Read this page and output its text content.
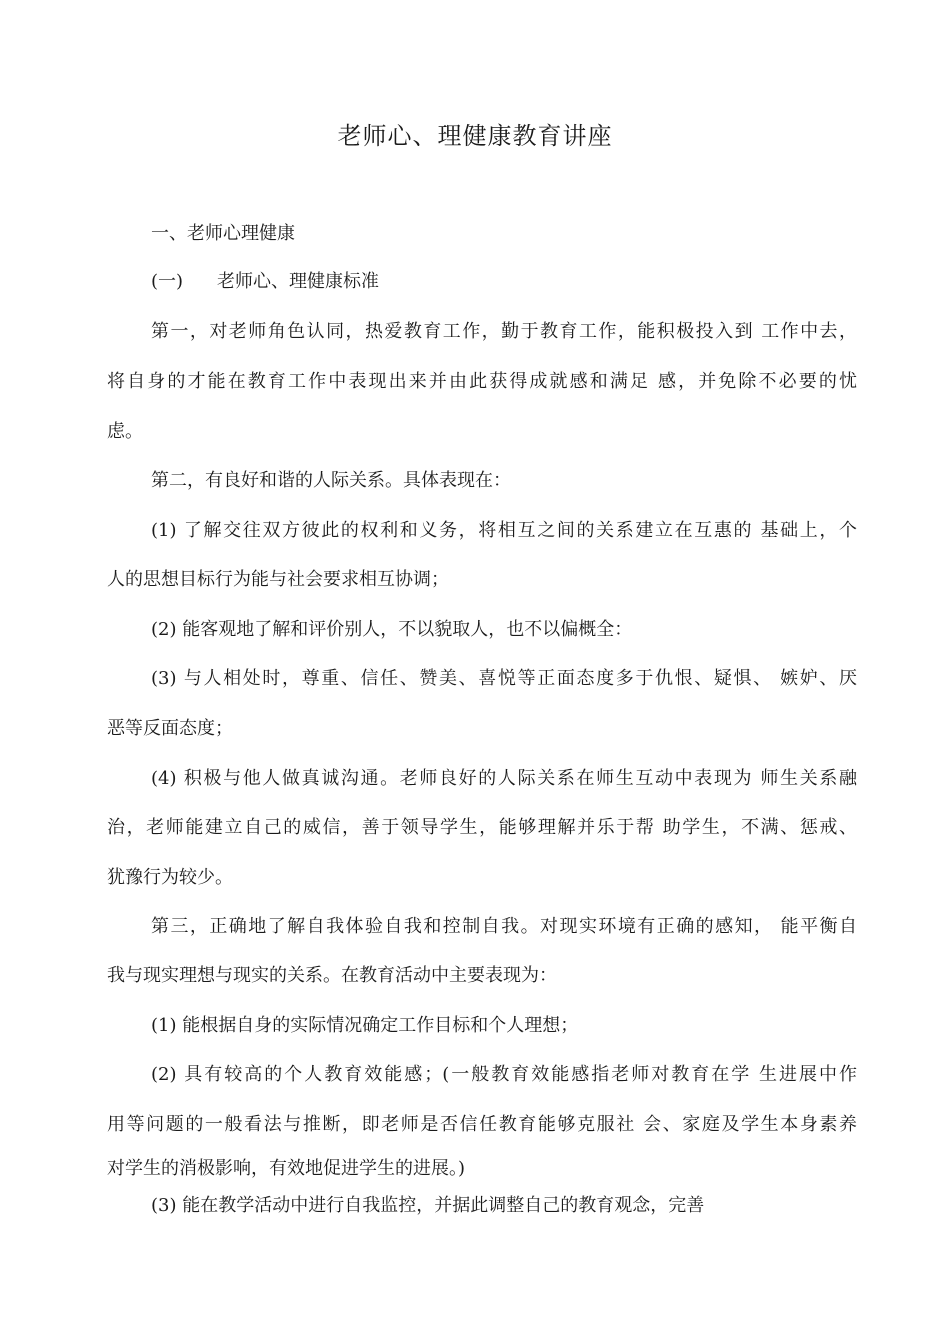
老师心、理健康教育讲座

一、老师心理健康

(一) 老师心、理健康标准

第一，对老师角色认同，热爱教育工作，勤于教育工作，能积极投入到 工作中去，

将自身的才能在教育工作中表现出来并由此获得成就感和满足 感，并免除不必要的忧

虑。

第二，有良好和谐的人际关系。具体表现在：

(1) 了解交往双方彼此的权利和义务，将相互之间的关系建立在互惠的 基础上，个

人的思想目标行为能与社会要求相互协调；

(2) 能客观地了解和评价别人，不以貌取人，也不以偏概全：

(3) 与人相处时，尊重、信任、赞美、喜悦等正面态度多于仇恨、疑惧、 嫉妒、厌

恶等反面态度；

(4) 积极与他人做真诚沟通。老师良好的人际关系在师生互动中表现为 师生关系融

治，老师能建立自己的威信，善于领导学生，能够理解并乐于帮 助学生，不满、惩戒、

犹豫行为较少。

第三，正确地了解自我体验自我和控制自我。对现实环境有正确的感知， 能平衡自

我与现实理想与现实的关系。在教育活动中主要表现为：

(1) 能根据自身的实际情况确定工作目标和个人理想；

(2) 具有较高的个人教育效能感；(一般教育效能感指老师对教育在学 生进展中作

用等问题的一般看法与推断，即老师是否信任教育能够克服社 会、家庭及学生本身素养

对学生的消极影响，有效地促进学生的进展。)

(3) 能在教学活动中进行自我监控，并据此调整自己的教育观念，完善
